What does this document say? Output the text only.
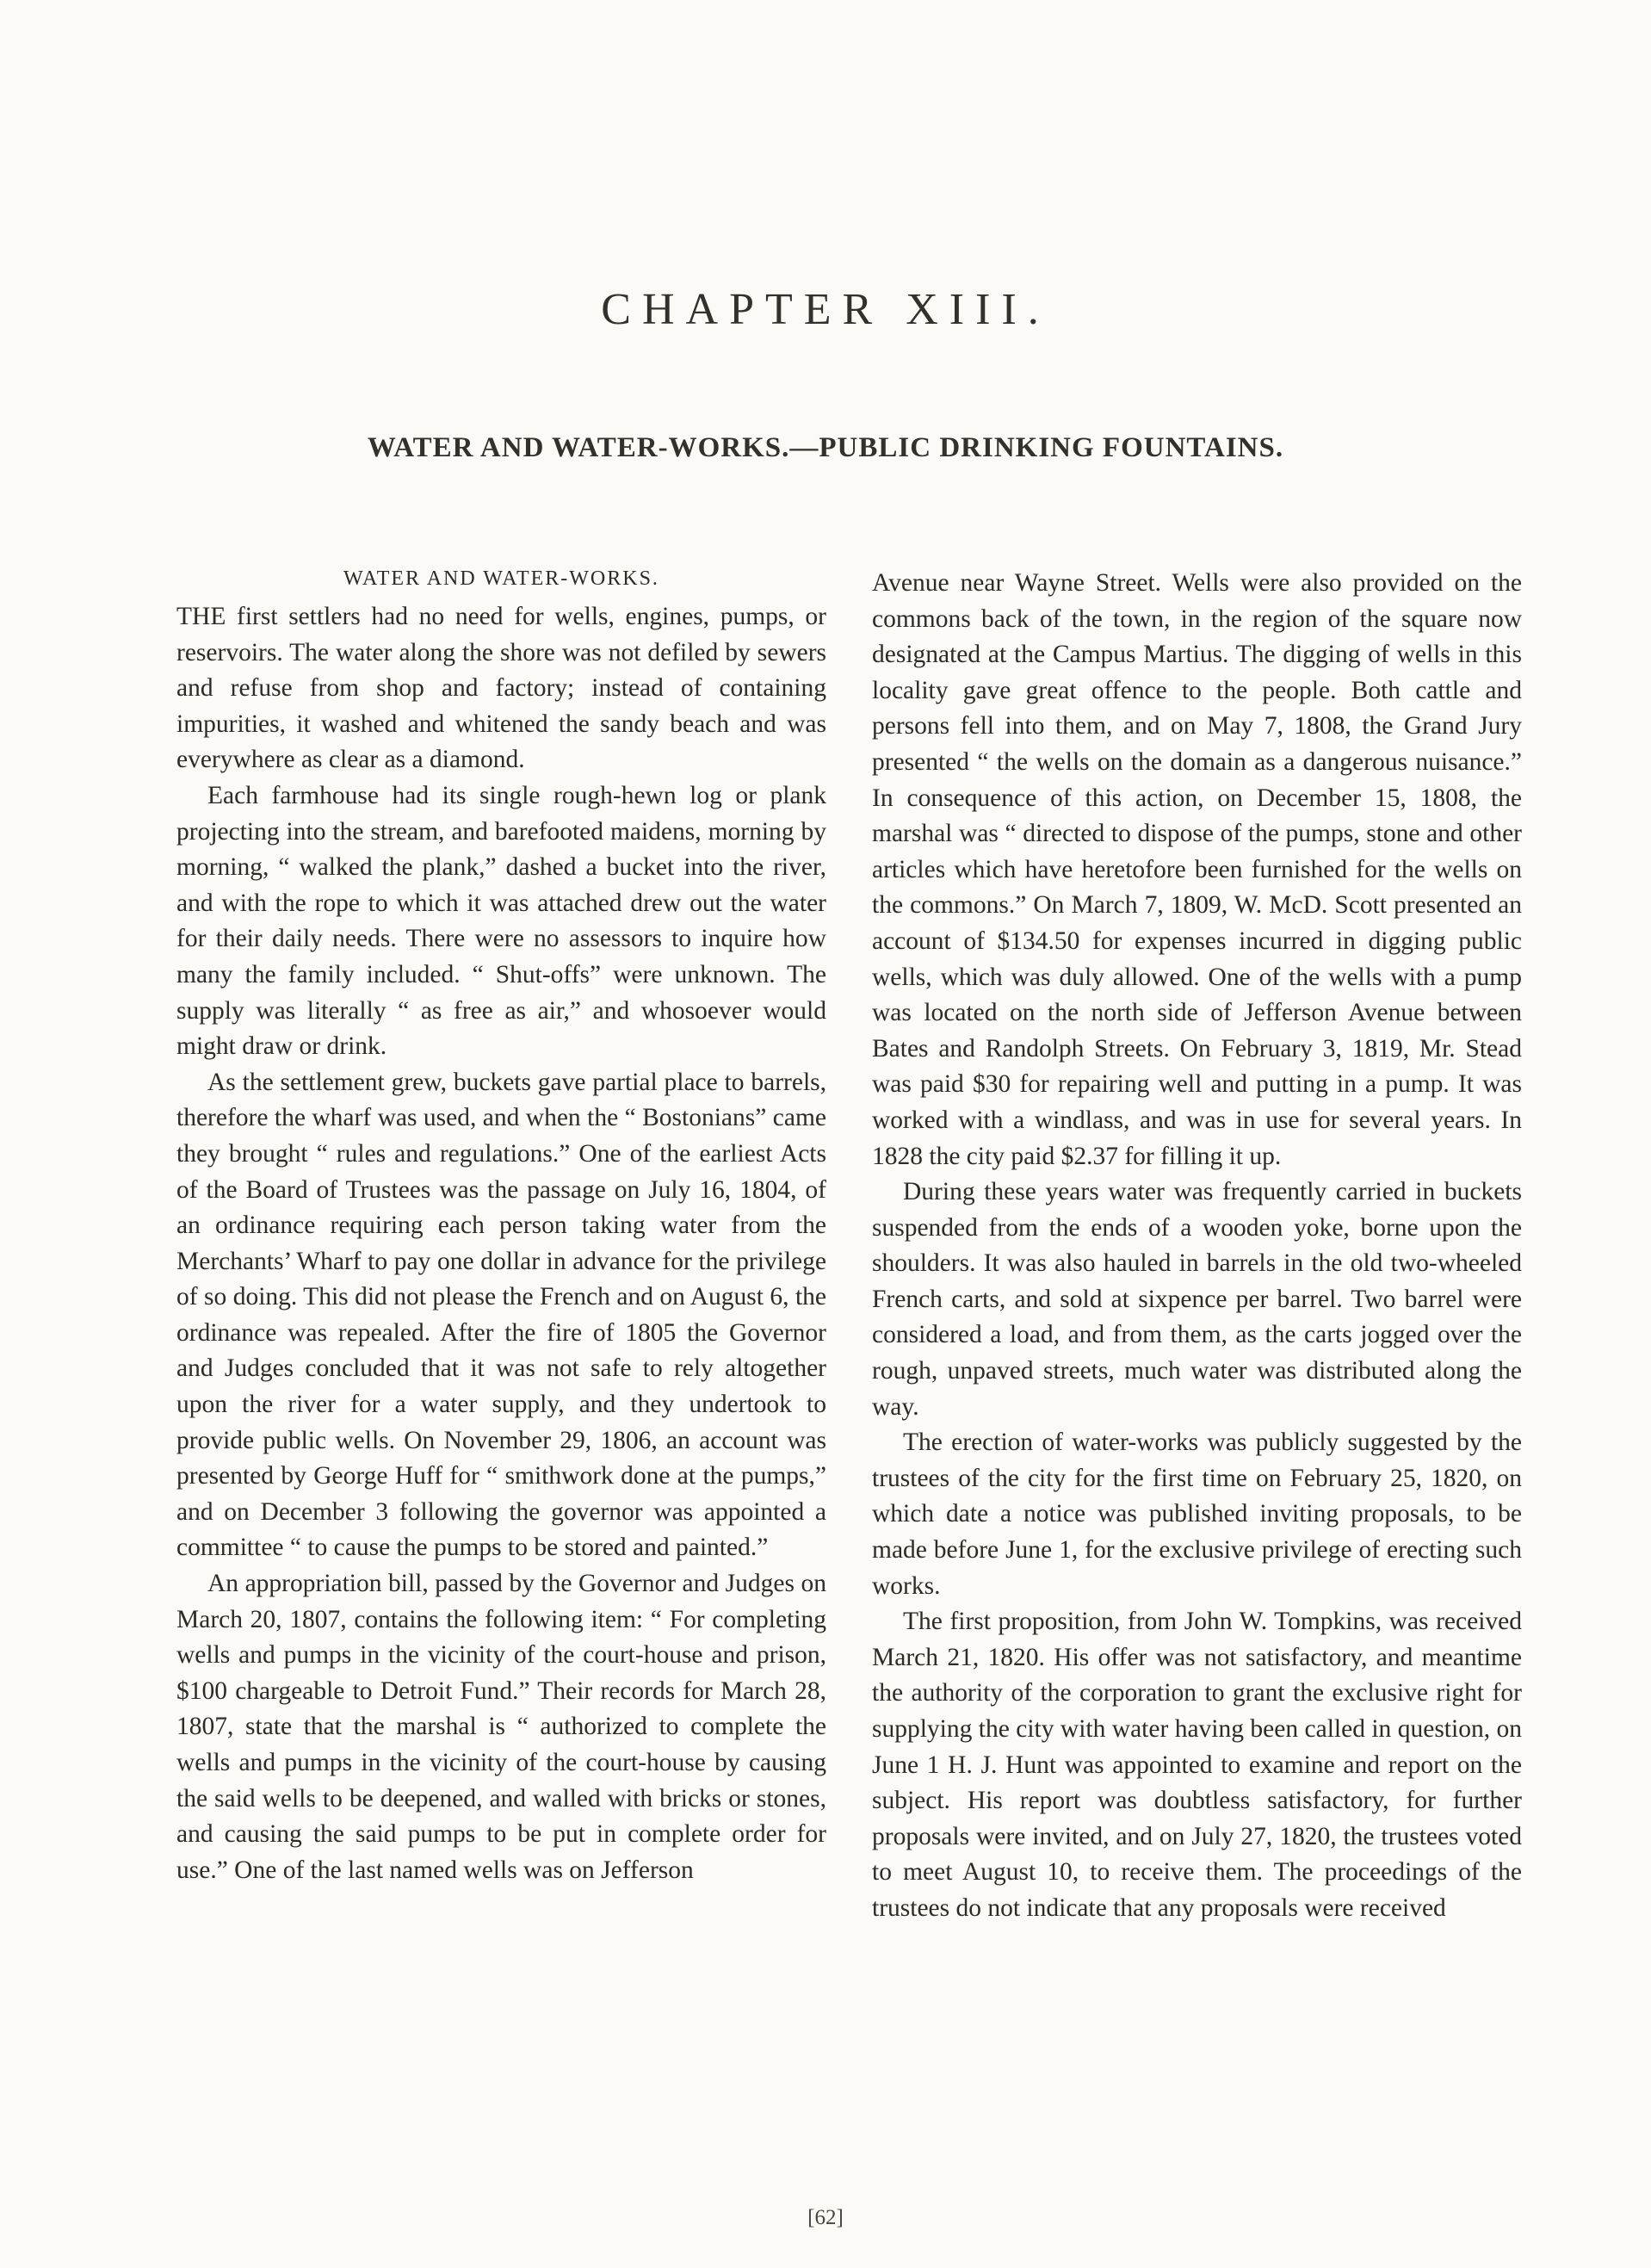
CHAPTER XIII.
WATER AND WATER-WORKS.—PUBLIC DRINKING FOUNTAINS.
WATER AND WATER-WORKS.

THE first settlers had no need for wells, engines, pumps, or reservoirs. The water along the shore was not defiled by sewers and refuse from shop and factory; instead of containing impurities, it washed and whitened the sandy beach and was everywhere as clear as a diamond.

Each farmhouse had its single rough-hewn log or plank projecting into the stream, and barefooted maidens, morning by morning, “ walked the plank,” dashed a bucket into the river, and with the rope to which it was attached drew out the water for their daily needs. There were no assessors to inquire how many the family included. “ Shut-offs” were unknown. The supply was literally “ as free as air,” and whosoever would might draw or drink.

As the settlement grew, buckets gave partial place to barrels, therefore the wharf was used, and when the “ Bostonians” came they brought “ rules and regulations.” One of the earliest Acts of the Board of Trustees was the passage on July 16, 1804, of an ordinance requiring each person taking water from the Merchants’ Wharf to pay one dollar in advance for the privilege of so doing. This did not please the French and on August 6, the ordinance was repealed. After the fire of 1805 the Governor and Judges concluded that it was not safe to rely altogether upon the river for a water supply, and they undertook to provide public wells. On November 29, 1806, an account was presented by George Huff for “ smithwork done at the pumps,” and on December 3 following the governor was appointed a committee “ to cause the pumps to be stored and painted.”

An appropriation bill, passed by the Governor and Judges on March 20, 1807, contains the following item: “ For completing wells and pumps in the vicinity of the court-house and prison, $100 chargeable to Detroit Fund.” Their records for March 28, 1807, state that the marshal is “ authorized to complete the wells and pumps in the vicinity of the court-house by causing the said wells to be deepened, and walled with bricks or stones, and causing the said pumps to be put in complete order for use.” One of the last named wells was on Jefferson

Avenue near Wayne Street. Wells were also provided on the commons back of the town, in the region of the square now designated at the Campus Martius. The digging of wells in this locality gave great offence to the people. Both cattle and persons fell into them, and on May 7, 1808, the Grand Jury presented “ the wells on the domain as a dangerous nuisance.” In consequence of this action, on December 15, 1808, the marshal was “ directed to dispose of the pumps, stone and other articles which have heretofore been furnished for the wells on the commons.” On March 7, 1809, W. McD. Scott presented an account of $134.50 for expenses incurred in digging public wells, which was duly allowed. One of the wells with a pump was located on the north side of Jefferson Avenue between Bates and Randolph Streets. On February 3, 1819, Mr. Stead was paid $30 for repairing well and putting in a pump. It was worked with a windlass, and was in use for several years. In 1828 the city paid $2.37 for filling it up.

During these years water was frequently carried in buckets suspended from the ends of a wooden yoke, borne upon the shoulders. It was also hauled in barrels in the old two-wheeled French carts, and sold at sixpence per barrel. Two barrel were considered a load, and from them, as the carts jogged over the rough, unpaved streets, much water was distributed along the way.

The erection of water-works was publicly suggested by the trustees of the city for the first time on February 25, 1820, on which date a notice was published inviting proposals, to be made before June 1, for the exclusive privilege of erecting such works.

The first proposition, from John W. Tompkins, was received March 21, 1820. His offer was not satisfactory, and meantime the authority of the corporation to grant the exclusive right for supplying the city with water having been called in question, on June 1 H. J. Hunt was appointed to examine and report on the subject. His report was doubtless satisfactory, for further proposals were invited, and on July 27, 1820, the trustees voted to meet August 10, to receive them. The proceedings of the trustees do not indicate that any proposals were received

[62]
